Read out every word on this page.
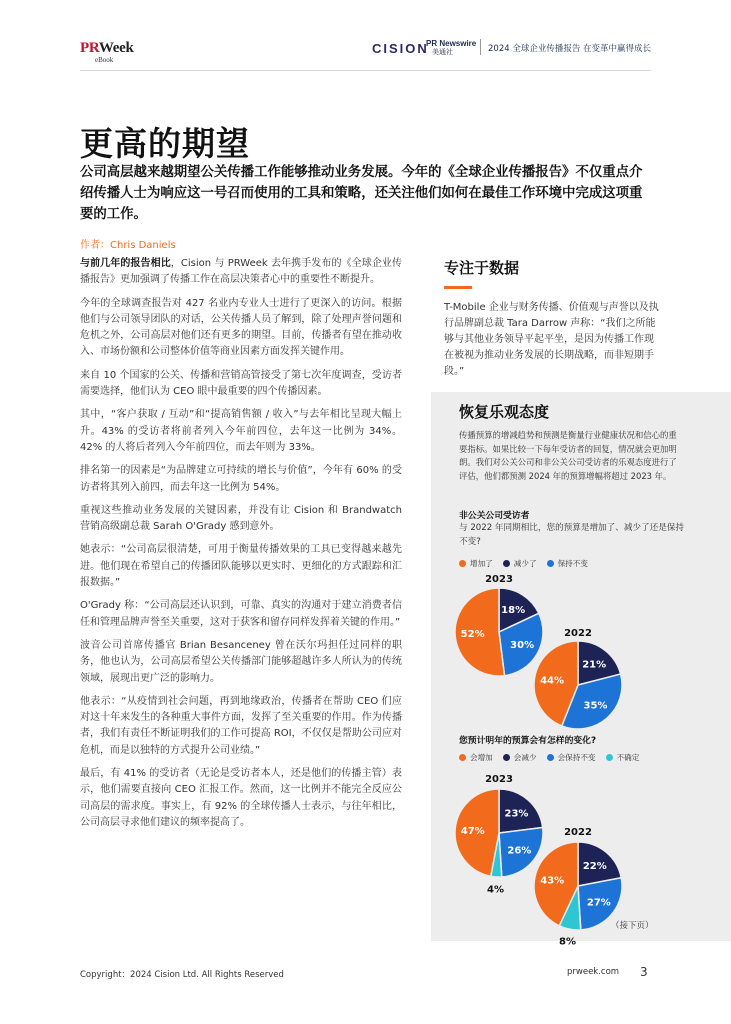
PRWeek
eBook
CISION
PR Newswire
美通社	2024 全球企业传播报告 在变革中赢得成长
更高的期望
公司高层越来越期望公关传播工作能够推动业务发展。今年的《全球企业传播报告》不仅重点介绍传播人士为响应这一号召而使用的工具和策略，还关注他们如何在最佳工作环境中完成这项重要的工作。
作者：Chris Daniels

与前几年的报告相比，Cision 与 PRWeek 去年携手发布的《全球企业传播报告》更加强调了传播工作在高层决策者心中的重要性不断提升。

今年的全球调查报告对 427 名业内专业人士进行了更深入的访问。根据他们与公司领导团队的对话，公关传播人员了解到，除了处理声誉问题和危机之外，公司高层对他们还有更多的期望。目前，传播者有望在推动收入、市场份额和公司整体价值等商业因素方面发挥关键作用。

来自 10 个国家的公关、传播和营销高管接受了第七次年度调查，受访者需要选择，他们认为 CEO 眼中最重要的四个传播因素。

其中，“客户获取 / 互动”和“提高销售额 / 收入”与去年相比呈现大幅上升。43% 的受访者将前者列入今年前四位，去年这一比例为 34%。42% 的人将后者列入今年前四位，而去年则为 33%。

排名第一的因素是“为品牌建立可持续的增长与价值”，今年有 60% 的受访者将其列入前四，而去年这一比例为 54%。

重视这些推动业务发展的关键因素，并没有让 Cision 和 Brandwatch 营销高级副总裁 Sarah O'Grady 感到意外。

她表示：“公司高层很清楚，可用于衡量传播效果的工具已变得越来越先进。他们现在希望自己的传播团队能够以更实时、更细化的方式跟踪和汇报数据。”

O'Grady 称：“公司高层还认识到，可靠、真实的沟通对于建立消费者信任和管理品牌声誉至关重要，这对于获客和留存同样发挥着关键的作用。”

波音公司首席传播官 Brian Besanceney 曾在沃尔玛担任过同样的职务，他也认为，公司高层希望公关传播部门能够超越许多人所认为的传统领域，展现出更广泛的影响力。

他表示：“从疫情到社会问题，再到地缘政治，传播者在帮助 CEO 们应对这十年来发生的各种重大事件方面，发挥了至关重要的作用。作为传播者，我们有责任不断证明我们的工作可提高 ROI，不仅仅是帮助公司应对危机，而是以独特的方式提升公司业绩。”

最后，有 41% 的受访者（无论是受访者本人，还是他们的传播主管）表示，他们需要直接向 CEO 汇报工作。然而，这一比例并不能完全反应公司高层的需求度。事实上，有 92% 的全球传播人士表示，与往年相比，公司高层寻求他们建议的频率提高了。

专注于数据
T-Mobile 企业与财务传播、价值观与声誉以及执行品牌副总裁 Tara Darrow 声称：“我们之所能够与其他业务领导平起平坐，是因为传播工作现在被视为推动业务发展的长期战略，而非短期手段。”
恢复乐观态度
传播预算的增减趋势和预测是衡量行业健康状况和信心的重要指标。如果比较一下每年受访者的回复，情况就会更加明朗。我们对公关公司和非公关公司受访者的乐观态度进行了评估，他们都预测 2024 年的预算增幅将超过 2023 年。
非公关公司受访者
与 2022 年同期相比，您的预算是增加了、减少了还是保持不变?
增加了	减少了	保持不变
您预计明年的预算会有怎样的变化?
会增加	会减少	会保持不变	不确定
2023
18%
30%
52%	2022
21%
35%
44%
2023
23%
26%
4%
47%	2022
22%
27%
8%
43%
（接下页）
Copyright：2024 Cision Ltd. All Rights Reserved	prweek.com 3
